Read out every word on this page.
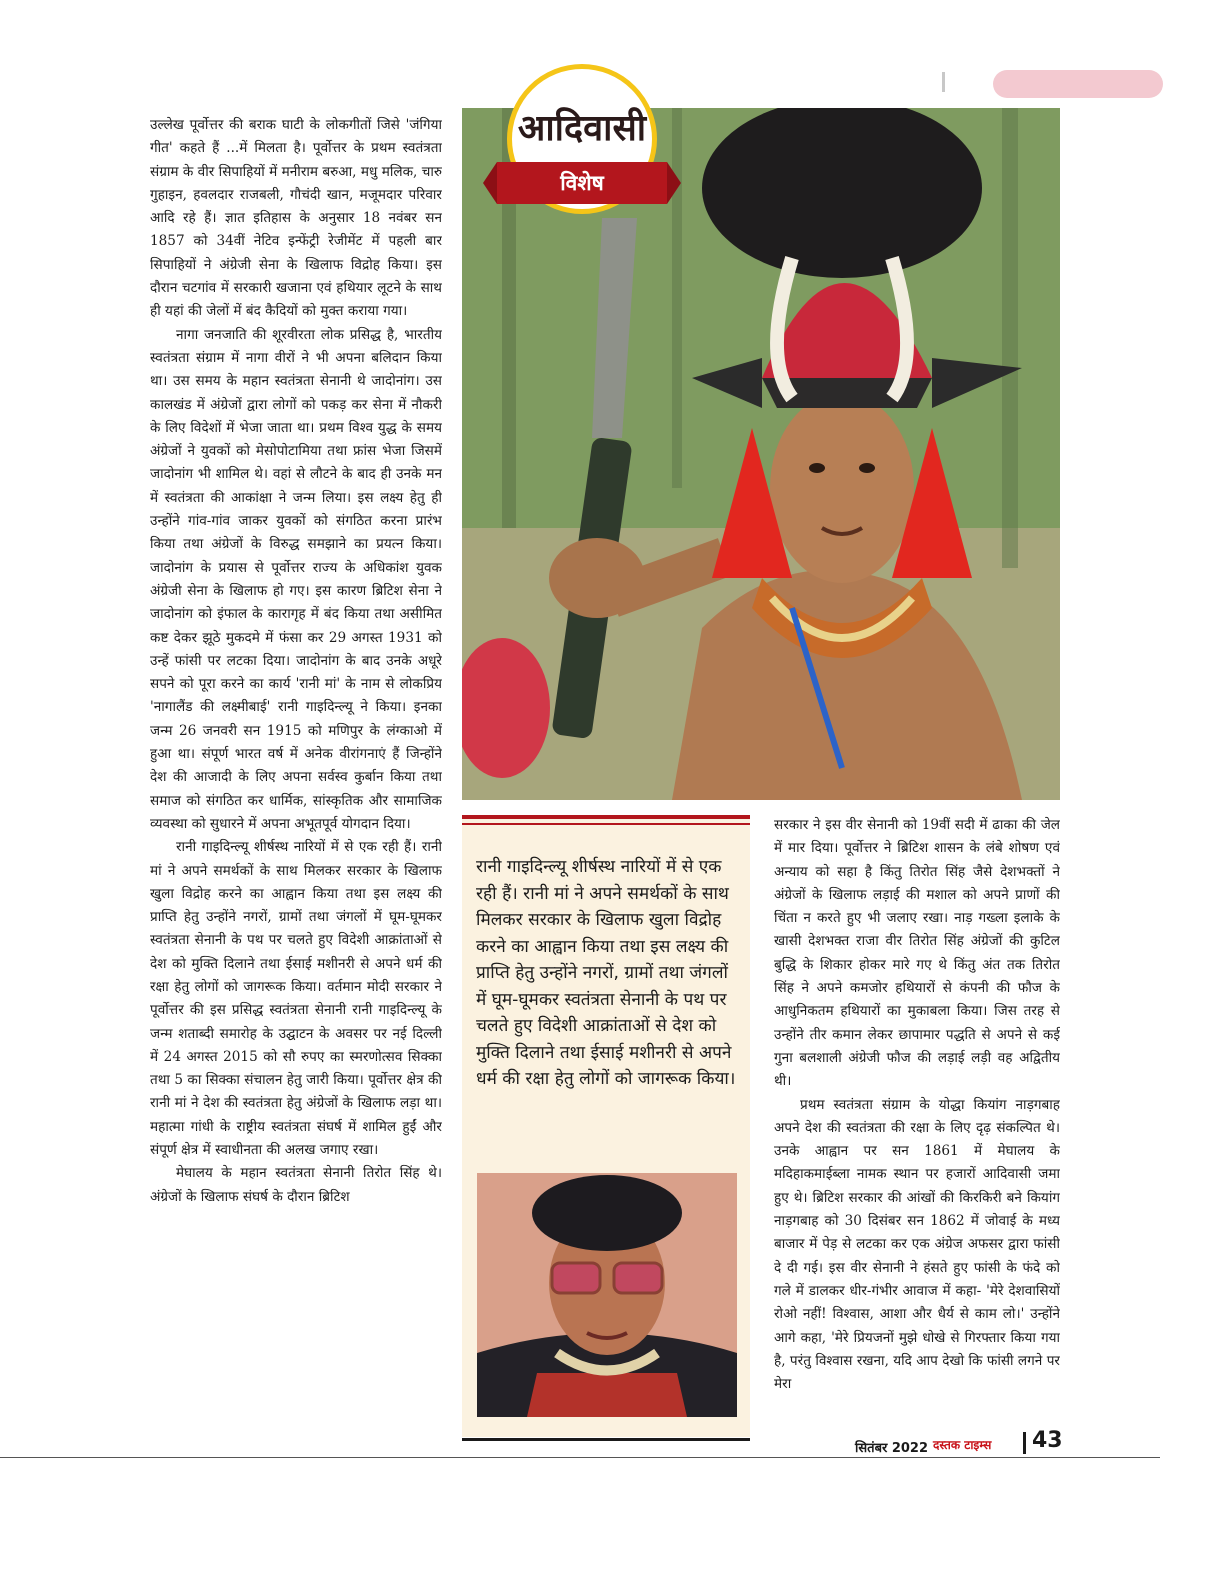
उल्लेख पूर्वोत्तर की बराक घाटी के लोकगीतों जिसे 'जंगिया गीत' कहते हैं ...में मिलता है। पूर्वोत्तर के प्रथम स्वतंत्रता संग्राम के वीर सिपाहियों में मनीराम बरुआ, मधु मलिक, चारु गुहाइन, हवलदार राजबली, गौचंदी खान, मजूमदार परिवार आदि रहे हैं। ज्ञात इतिहास के अनुसार 18 नवंबर सन 1857 को 34वीं नेटिव इन्फेंट्री रेजीमेंट में पहली बार सिपाहियों ने अंग्रेजी सेना के खिलाफ विद्रोह किया। इस दौरान चटगांव में सरकारी खजाना एवं हथियार लूटने के साथ ही यहां की जेलों में बंद कैदियों को मुक्त कराया गया।

नागा जनजाति की शूरवीरता लोक प्रसिद्ध है, भारतीय स्वतंत्रता संग्राम में नागा वीरों ने भी अपना बलिदान किया था। उस समय के महान स्वतंत्रता सेनानी थे जादोनांग। उस कालखंड में अंग्रेजों द्वारा लोगों को पकड़ कर सेना में नौकरी के लिए विदेशों में भेजा जाता था। प्रथम विश्व युद्ध के समय अंग्रेजों ने युवकों को मेसोपोटामिया तथा फ्रांस भेजा जिसमें जादोनांग भी शामिल थे। वहां से लौटने के बाद ही उनके मन में स्वतंत्रता की आकांक्षा ने जन्म लिया। इस लक्ष्य हेतु ही उन्होंने गांव-गांव जाकर युवकों को संगठित करना प्रारंभ किया तथा अंग्रेजों के विरुद्ध समझाने का प्रयत्न किया। जादोनांग के प्रयास से पूर्वोत्तर राज्य के अधिकांश युवक अंग्रेजी सेना के खिलाफ हो गए। इस कारण ब्रिटिश सेना ने जादोनांग को इंफाल के कारागृह में बंद किया तथा असीमित कष्ट देकर झूठे मुकदमे में फंसा कर 29 अगस्त 1931 को उन्हें फांसी पर लटका दिया। जादोनांग के बाद उनके अधूरे सपने को पूरा करने का कार्य 'रानी मां' के नाम से लोकप्रिय 'नागालैंड की लक्ष्मीबाई' रानी गाइदिन्ल्यू ने किया। इनका जन्म 26 जनवरी सन 1915 को मणिपुर के लंग्काओ में हुआ था। संपूर्ण भारत वर्ष में अनेक वीरांगनाएं हैं जिन्होंने देश की आजादी के लिए अपना सर्वस्व कुर्बान किया तथा समाज को संगठित कर धार्मिक, सांस्कृतिक और सामाजिक व्यवस्था को सुधारने में अपना अभूतपूर्व योगदान दिया।

रानी गाइदिन्ल्यू शीर्षस्थ नारियों में से एक रही हैं। रानी मां ने अपने समर्थकों के साथ मिलकर सरकार के खिलाफ खुला विद्रोह करने का आह्वान किया तथा इस लक्ष्य की प्राप्ति हेतु उन्होंने नगरों, ग्रामों तथा जंगलों में घूम-घूमकर स्वतंत्रता सेनानी के पथ पर चलते हुए विदेशी आक्रांताओं से देश को मुक्ति दिलाने तथा ईसाई मशीनरी से अपने धर्म की रक्षा हेतु लोगों को जागरूक किया। वर्तमान मोदी सरकार ने पूर्वोत्तर की इस प्रसिद्ध स्वतंत्रता सेनानी रानी गाइदिन्ल्यू के जन्म शताब्दी समारोह के उद्घाटन के अवसर पर नई दिल्ली में 24 अगस्त 2015 को सौ रुपए का स्मरणोत्सव सिक्का तथा 5 का सिक्का संचालन हेतु जारी किया। पूर्वोत्तर क्षेत्र की रानी मां ने देश की स्वतंत्रता हेतु अंग्रेजों के खिलाफ लड़ा था। महात्मा गांधी के राष्ट्रीय स्वतंत्रता संघर्ष में शामिल हुईं और संपूर्ण क्षेत्र में स्वाधीनता की अलख जगाए रखा।

मेघालय के महान स्वतंत्रता सेनानी तिरोत सिंह थे। अंग्रेजों के खिलाफ संघर्ष के दौरान ब्रिटिश

आदिवासी
विशेष
रानी गाइदिन्ल्यू शीर्षस्थ नारियों में से एक रही हैं। रानी मां ने अपने समर्थकों के साथ मिलकर सरकार के खिलाफ खुला विद्रोह करने का आह्वान किया तथा इस लक्ष्य की प्राप्ति हेतु उन्होंने नगरों, ग्रामों तथा जंगलों में घूम-घूमकर स्वतंत्रता सेनानी के पथ पर चलते हुए विदेशी आक्रांताओं से देश को मुक्ति दिलाने तथा ईसाई मशीनरी से अपने धर्म की रक्षा हेतु लोगों को जागरूक किया।

सरकार ने इस वीर सेनानी को 19वीं सदी में ढाका की जेल में मार दिया। पूर्वोत्तर ने ब्रिटिश शासन के लंबे शोषण एवं अन्याय को सहा है किंतु तिरोत सिंह जैसे देशभक्तों ने अंग्रेजों के खिलाफ लड़ाई की मशाल को अपने प्राणों की चिंता न करते हुए भी जलाए रखा। नाड़ गख्ला इलाके के खासी देशभक्त राजा वीर तिरोत सिंह अंग्रेजों की कुटिल बुद्धि के शिकार होकर मारे गए थे किंतु अंत तक तिरोत सिंह ने अपने कमजोर हथियारों से कंपनी की फौज के आधुनिकतम हथियारों का मुकाबला किया। जिस तरह से उन्होंने तीर कमान लेकर छापामार पद्धति से अपने से कई गुना बलशाली अंग्रेजी फौज की लड़ाई लड़ी वह अद्वितीय थी।

प्रथम स्वतंत्रता संग्राम के योद्धा कियांग नाड़गबाह अपने देश की स्वतंत्रता की रक्षा के लिए दृढ़ संकल्पित थे। उनके आह्वान पर सन 1861 में मेघालय के मदिहाकमाईब्ला नामक स्थान पर हजारों आदिवासी जमा हुए थे। ब्रिटिश सरकार की आंखों की किरकिरी बने कियांग नाड़गबाह को 30 दिसंबर सन 1862 में जोवाई के मध्य बाजार में पेड़ से लटका कर एक अंग्रेज अफसर द्वारा फांसी दे दी गई। इस वीर सेनानी ने हंसते हुए फांसी के फंदे को गले में डालकर धीर-गंभीर आवाज में कहा- 'मेरे देशवासियों रोओ नहीं! विश्वास, आशा और धैर्य से काम लो।' उन्होंने आगे कहा, 'मेरे प्रियजनों मुझे धोखे से गिरफ्तार किया गया है, परंतु विश्वास रखना, यदि आप देखो कि फांसी लगने पर मेरा

सितंबर 2022 दस्तक टाइम्स 43
